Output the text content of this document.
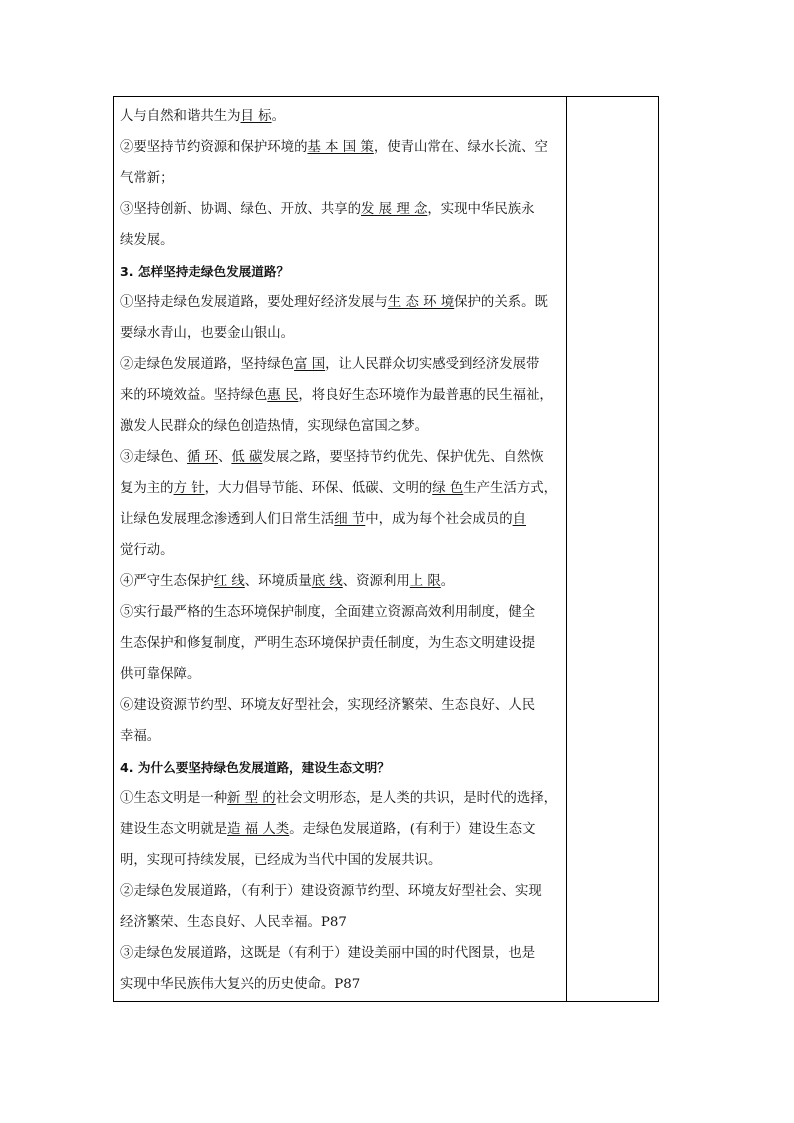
人与自然和谐共生为目 标。
②要坚持节约资源和保护环境的基 本 国 策，使青山常在、绿水长流、空
气常新；
③坚持创新、协调、绿色、开放、共享的发 展 理 念，实现中华民族永
续发展。
3. 怎样坚持走绿色发展道路？
①坚持走绿色发展道路，要处理好经济发展与生 态 环 境保护的关系。既
要绿水青山，也要金山银山。
②走绿色发展道路，坚持绿色富 国，让人民群众切实感受到经济发展带
来的环境效益。坚持绿色惠 民，将良好生态环境作为最普惠的民生福祉，
激发人民群众的绿色创造热情，实现绿色富国之梦。
③走绿色、循 环、低 碳发展之路，要坚持节约优先、保护优先、自然恢
复为主的方 针，大力倡导节能、环保、低碳、文明的绿 色生产生活方式，
让绿色发展理念渗透到人们日常生活细 节中，成为每个社会成员的自
觉行动。
④严守生态保护红 线、环境质量底 线、资源利用上 限。
⑤实行最严格的生态环境保护制度，全面建立资源高效利用制度，健全
生态保护和修复制度，严明生态环境保护责任制度，为生态文明建设提
供可靠保障。
⑥建设资源节约型、环境友好型社会，实现经济繁荣、生态良好、人民
幸福。
4. 为什么要坚持绿色发展道路，建设生态文明？
①生态文明是一种新 型 的社会文明形态，是人类的共识，是时代的选择，
建设生态文明就是造 福 人类。走绿色发展道路，(有利于）建设生态文
明，实现可持续发展，已经成为当代中国的发展共识。
②走绿色发展道路，（有利于）建设资源节约型、环境友好型社会、实现
经济繁荣、生态良好、人民幸福。P87
③走绿色发展道路，这既是（有利于）建设美丽中国的时代图景，也是
实现中华民族伟大复兴的历史使命。P87
